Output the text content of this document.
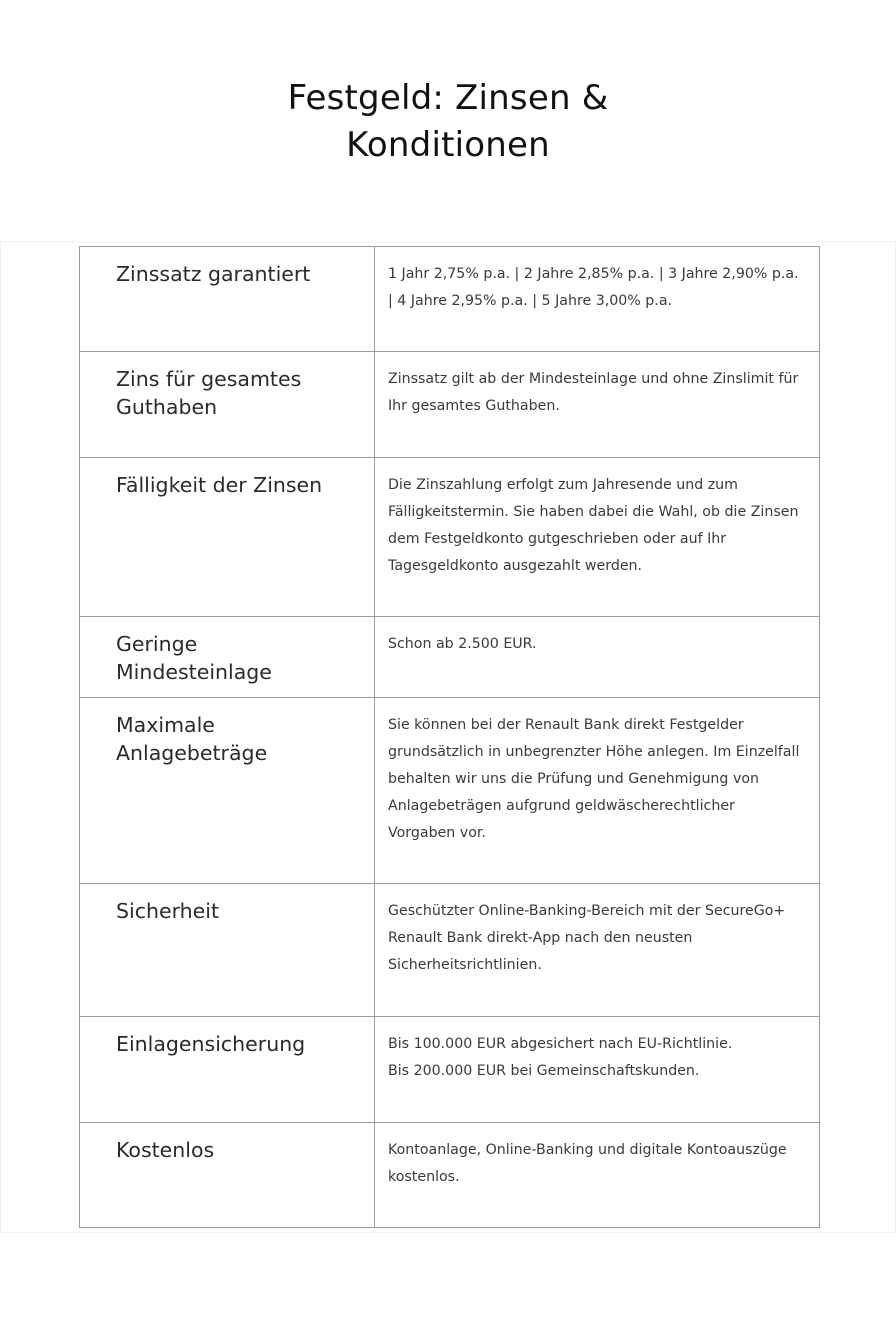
Festgeld: Zinsen &
Konditionen
Zinssatz garantiert	1 Jahr 2,75% p.a. | 2 Jahre 2,85% p.a. | 3 Jahre 2,90% p.a. | 4 Jahre 2,95% p.a. | 5 Jahre 3,00% p.a.

Zins für gesamtes Guthaben	Zinssatz gilt ab der Mindesteinlage und ohne Zinslimit für Ihr gesamtes Guthaben.

Fälligkeit der Zinsen	Die Zinszahlung erfolgt zum Jahresende und zum Fälligkeitstermin. Sie haben dabei die Wahl, ob die Zinsen dem Festgeldkonto gutgeschrieben oder auf Ihr Tagesgeldkonto ausgezahlt werden.

Geringe Mindesteinlage	Schon ab 2.500 EUR.

Maximale Anlagebeträge	Sie können bei der Renault Bank direkt Festgelder grundsätzlich in unbegrenzter Höhe anlegen. Im Einzelfall behalten wir uns die Prüfung und Genehmigung von Anlagebeträgen aufgrund geldwäscherechtlicher Vorgaben vor.

Sicherheit	Geschützter Online-Banking-Bereich mit der SecureGo+ Renault Bank direkt-App nach den neusten Sicherheitsrichtlinien.

Einlagensicherung	Bis 100.000 EUR abgesichert nach EU-Richtlinie.
Bis 200.000 EUR bei Gemeinschaftskunden.

Kostenlos	Kontoanlage, Online-Banking und digitale Kontoauszüge kostenlos.
